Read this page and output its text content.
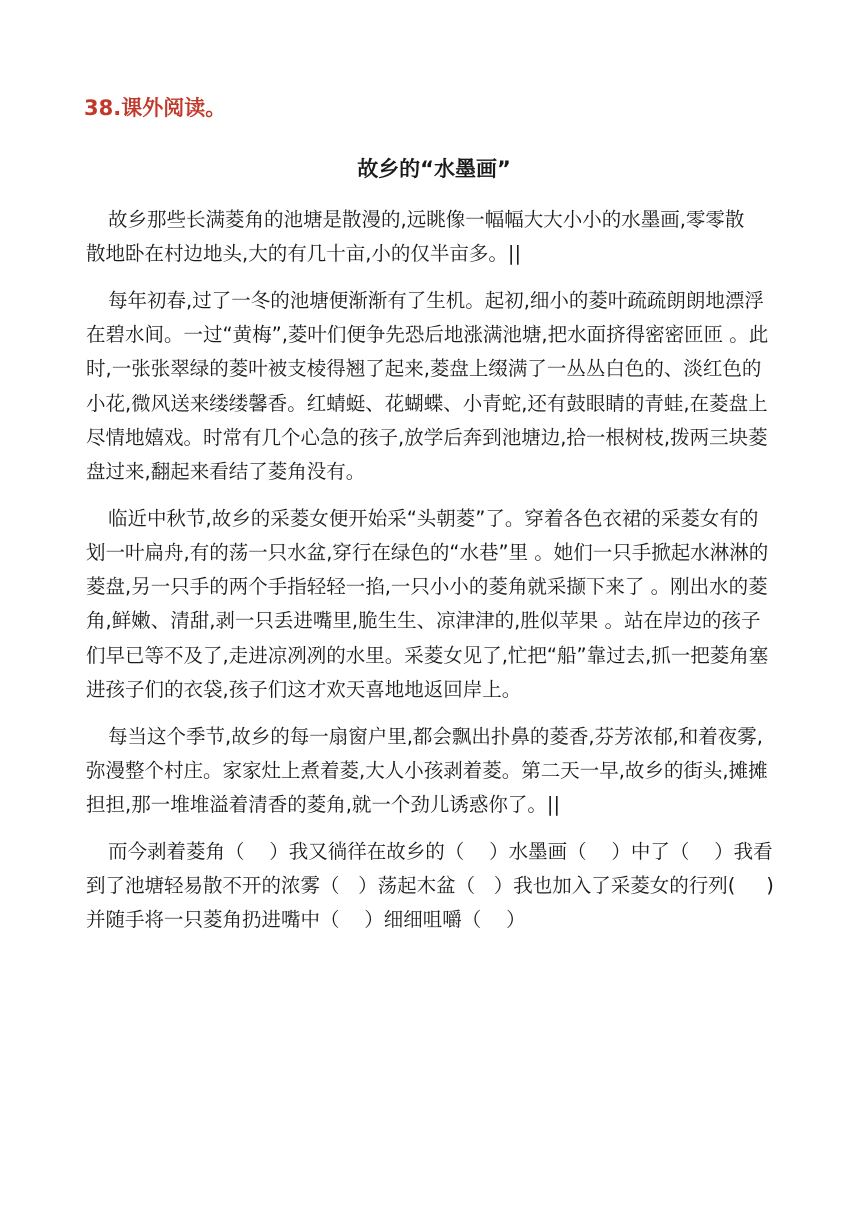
38.课外阅读。
故乡的“水墨画”

故乡那些长满菱角的池塘是散漫的,远眺像一幅幅大大小小的水墨画,零零散
散地卧在村边地头,大的有几十亩,小的仅半亩多。||

每年初春,过了一冬的池塘便渐渐有了生机。起初,细小的菱叶疏疏朗朗地漂浮
在碧水间。一过“黄梅”,菱叶们便争先恐后地涨满池塘,把水面挤得密密匝匝 。此
时,一张张翠绿的菱叶被支棱得翘了起来,菱盘上缀满了一丛丛白色的、淡红色的
小花,微风送来缕缕馨香。红蜻蜓、花蝴蝶、小青蛇,还有鼓眼睛的青蛙,在菱盘上
尽情地嬉戏。时常有几个心急的孩子,放学后奔到池塘边,拾一根树枝,拨两三块菱
盘过来,翻起来看结了菱角没有。

临近中秋节,故乡的采菱女便开始采“头朝菱”了。穿着各色衣裙的采菱女有的
划一叶扁舟,有的荡一只水盆,穿行在绿色的“水巷”里 。她们一只手掀起水淋淋的
菱盘,另一只手的两个手指轻轻一掐,一只小小的菱角就采撷下来了 。刚出水的菱
角,鲜嫩、清甜,剥一只丢进嘴里,脆生生、凉津津的,胜似苹果 。站在岸边的孩子
们早已等不及了,走进凉冽冽的水里。采菱女见了,忙把“船”靠过去,抓一把菱角塞
进孩子们的衣袋,孩子们这才欢天喜地地返回岸上。

每当这个季节,故乡的每一扇窗户里,都会飘出扑鼻的菱香,芬芳浓郁,和着夜雾,
弥漫整个村庄。家家灶上煮着菱,大人小孩剥着菱。第二天一早,故乡的街头,摊摊
担担,那一堆堆溢着清香的菱角,就一个劲儿诱惑你了。||

而今剥着菱角（    ）我又徜徉在故乡的（    ）水墨画（    ）中了（    ）我看
到了池塘轻易散不开的浓雾（   ）荡起木盆（   ）我也加入了采菱女的行列(     )
并随手将一只菱角扔进嘴中（    ）细细咀嚼（    ）
